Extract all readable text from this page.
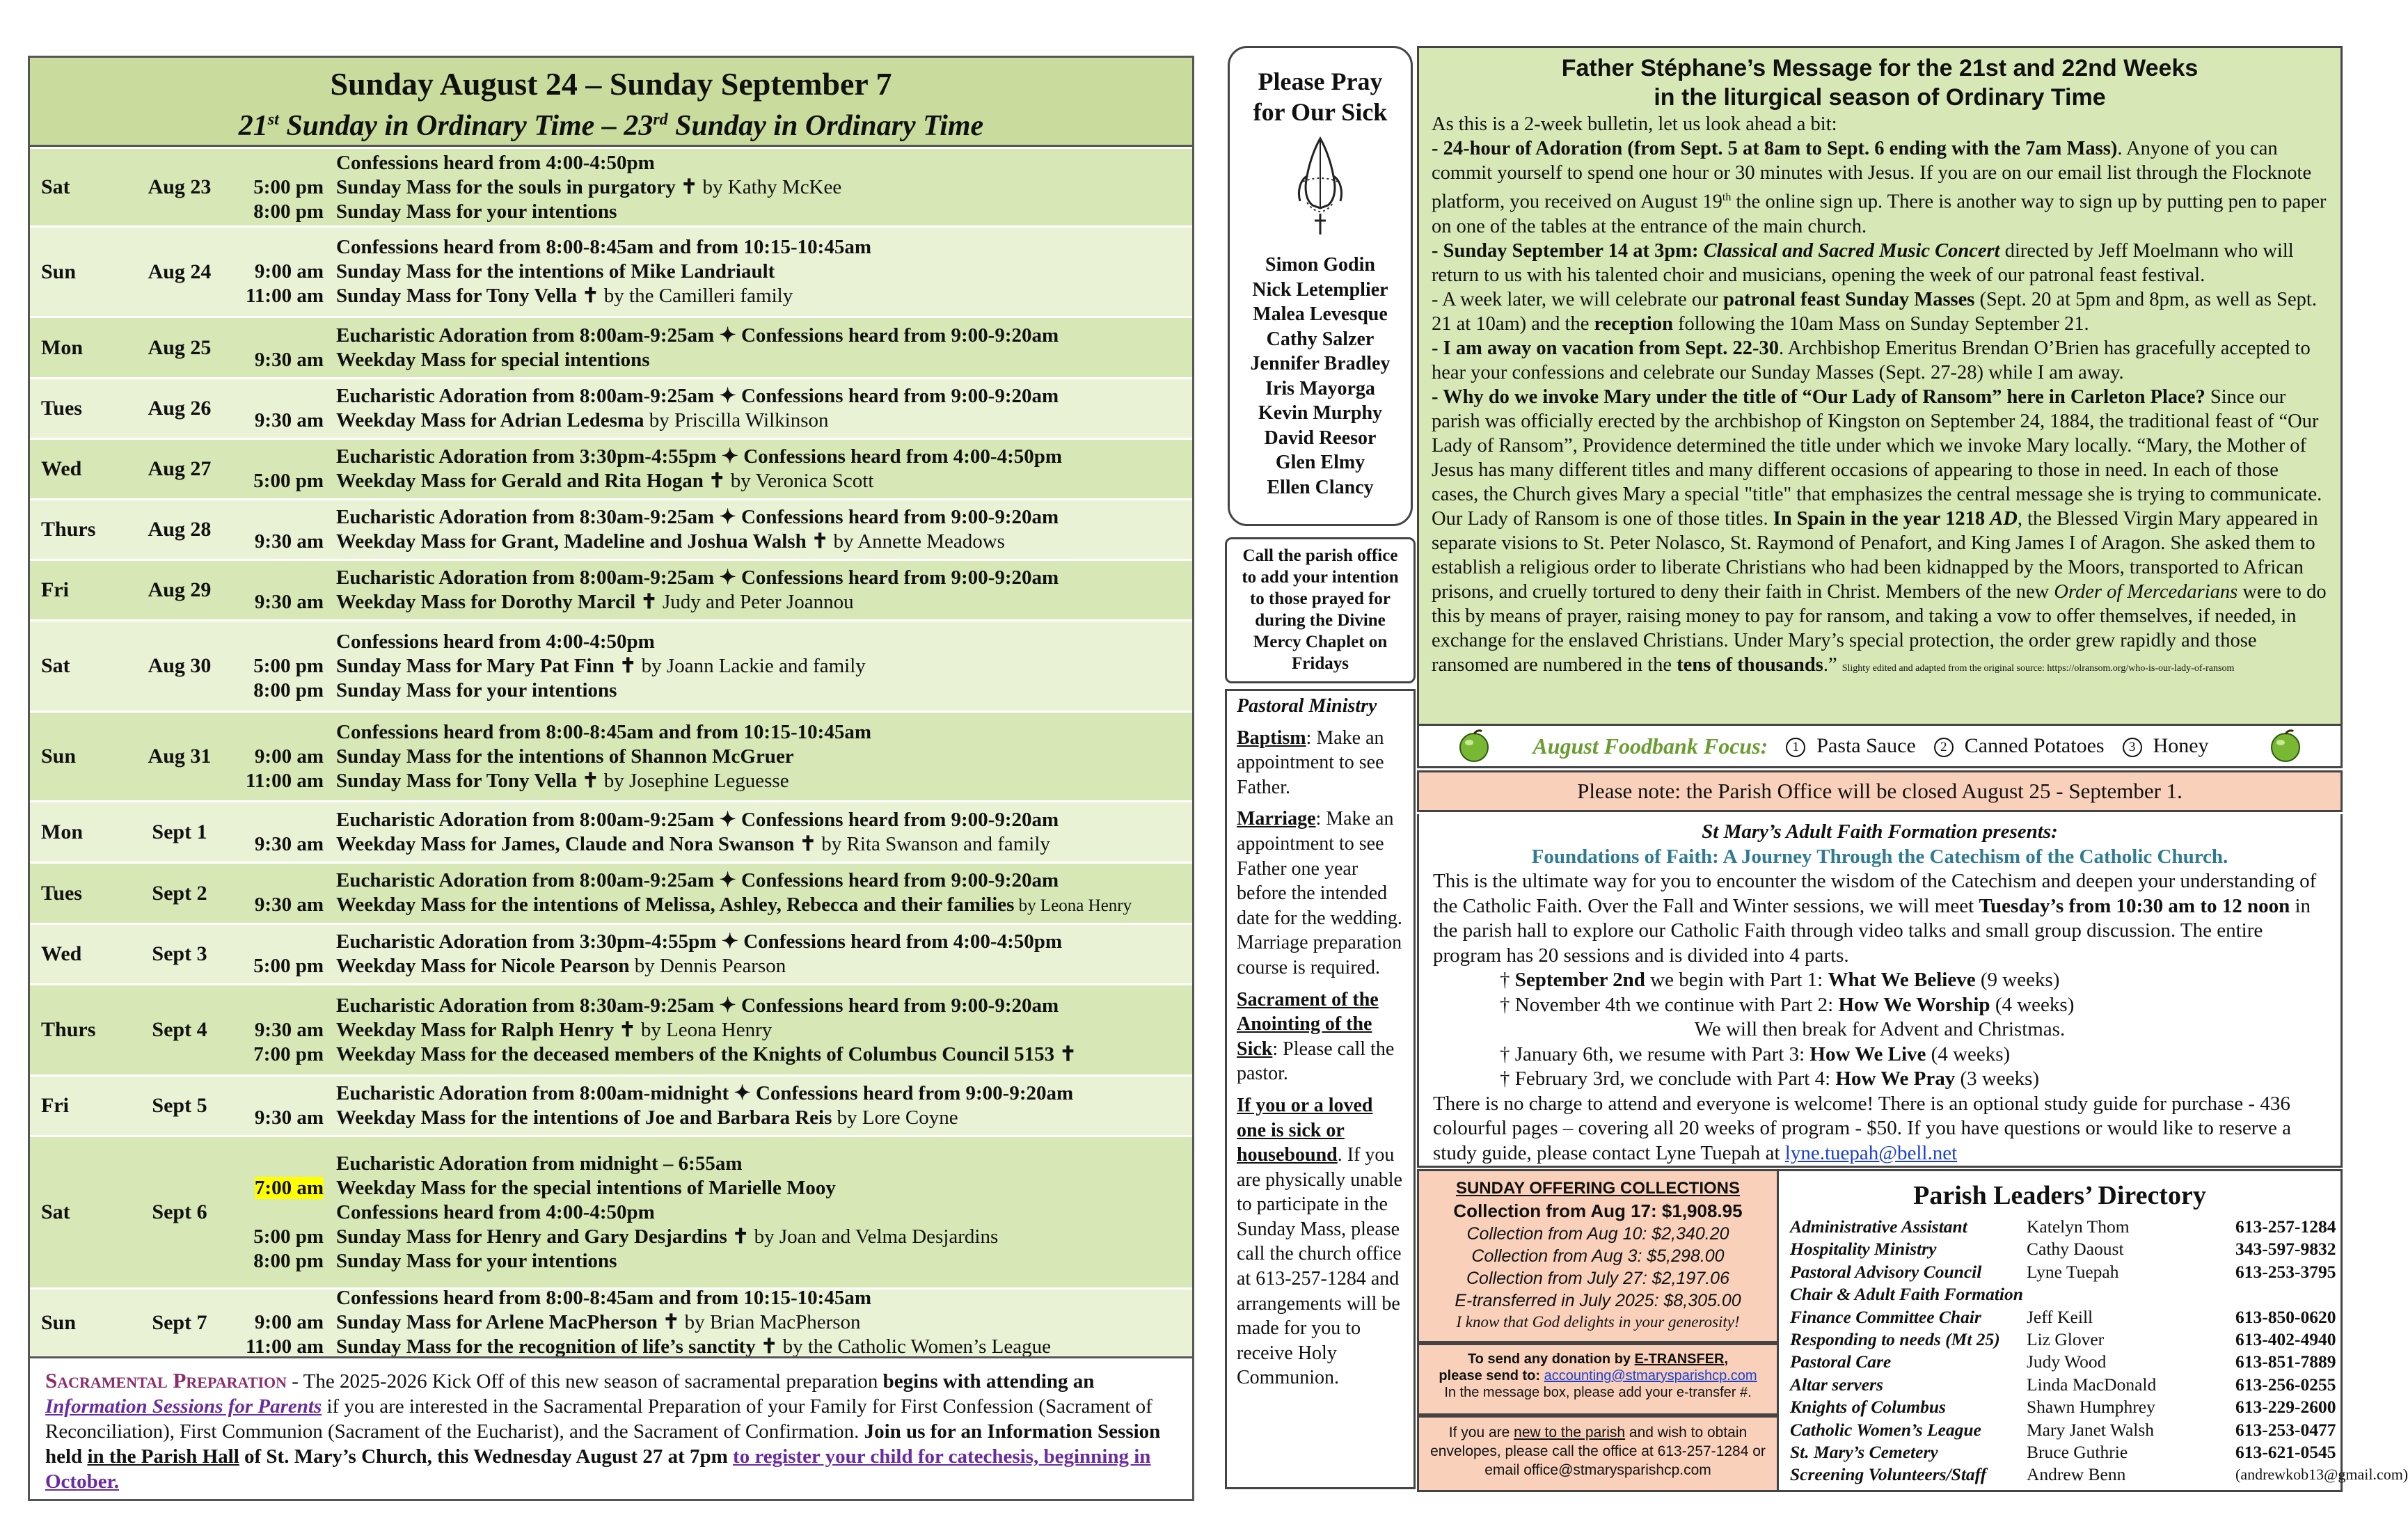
Sunday August 24 – Sunday September 7
21st Sunday in Ordinary Time – 23rd Sunday in Ordinary Time
Sat	Aug 23
Confessions heard from 4:00-4:50pm
5:00 pm Sunday Mass for the souls in purgatory ✝ by Kathy McKee
8:00 pm Sunday Mass for your intentions
Sun	Aug 24
Confessions heard from 8:00-8:45am and from 10:15-10:45am
9:00 am Sunday Mass for the intentions of Mike Landriault
11:00 am Sunday Mass for Tony Vella ✝ by the Camilleri family
Mon	Aug 25
Eucharistic Adoration from 8:00am-9:25am ✦ Confessions heard from 9:00-9:20am
9:30 am Weekday Mass for special intentions
Tues	Aug 26
Eucharistic Adoration from 8:00am-9:25am ✦ Confessions heard from 9:00-9:20am
9:30 am Weekday Mass for Adrian Ledesma by Priscilla Wilkinson
Wed	Aug 27
Eucharistic Adoration from 3:30pm-4:55pm ✦ Confessions heard from 4:00-4:50pm
5:00 pm Weekday Mass for Gerald and Rita Hogan ✝ by Veronica Scott
Thurs	Aug 28
Eucharistic Adoration from 8:30am-9:25am ✦ Confessions heard from 9:00-9:20am
9:30 am Weekday Mass for Grant, Madeline and Joshua Walsh ✝ by Annette Meadows
Fri	Aug 29
Eucharistic Adoration from 8:00am-9:25am ✦ Confessions heard from 9:00-9:20am
9:30 am Weekday Mass for Dorothy Marcil ✝ Judy and Peter Joannou
Sat	Aug 30
Confessions heard from 4:00-4:50pm
5:00 pm Sunday Mass for Mary Pat Finn ✝ by Joann Lackie and family
8:00 pm Sunday Mass for your intentions
Sun	Aug 31
Confessions heard from 8:00-8:45am and from 10:15-10:45am
9:00 am Sunday Mass for the intentions of Shannon McGruer
11:00 am Sunday Mass for Tony Vella ✝ by Josephine Leguesse
Mon	Sept 1
Eucharistic Adoration from 8:00am-9:25am ✦ Confessions heard from 9:00-9:20am
9:30 am Weekday Mass for James, Claude and Nora Swanson ✝ by Rita Swanson and family
Tues	Sept 2
Eucharistic Adoration from 8:00am-9:25am ✦ Confessions heard from 9:00-9:20am
9:30 am Weekday Mass for the intentions of Melissa, Ashley, Rebecca and their families by Leona Henry
Wed	Sept 3
Eucharistic Adoration from 3:30pm-4:55pm ✦ Confessions heard from 4:00-4:50pm
5:00 pm Weekday Mass for Nicole Pearson by Dennis Pearson
Thurs	Sept 4
Eucharistic Adoration from 8:30am-9:25am ✦ Confessions heard from 9:00-9:20am
9:30 am Weekday Mass for Ralph Henry ✝ by Leona Henry
7:00 pm Weekday Mass for the deceased members of the Knights of Columbus Council 5153 ✝
Fri	Sept 5
Eucharistic Adoration from 8:00am-midnight ✦ Confessions heard from 9:00-9:20am
9:30 am Weekday Mass for the intentions of Joe and Barbara Reis by Lore Coyne
Sat	Sept 6
Eucharistic Adoration from midnight – 6:55am
7:00 am Weekday Mass for the special intentions of Marielle Mooy
Confessions heard from 4:00-4:50pm
5:00 pm Sunday Mass for Henry and Gary Desjardins ✝ by Joan and Velma Desjardins
8:00 pm Sunday Mass for your intentions
Sun	Sept 7
Confessions heard from 8:00-8:45am and from 10:15-10:45am
9:00 am Sunday Mass for Arlene MacPherson ✝ by Brian MacPherson
11:00 am Sunday Mass for the recognition of life’s sanctity ✝ by the Catholic Women’s League
Sacramental Preparation - The 2025-2026 Kick Off of this new season of sacramental preparation begins with attending an Information Sessions for Parents if you are interested in the Sacramental Preparation of your Family for First Confession (Sacrament of Reconciliation), First Communion (Sacrament of the Eucharist), and the Sacrament of Confirmation. Join us for an Information Session held in the Parish Hall of St. Mary’s Church, this Wednesday August 27 at 7pm to register your child for catechesis, beginning in October.
Please Pray
for Our Sick
Simon Godin
Nick Letemplier
Malea Levesque
Cathy Salzer
Jennifer Bradley
Iris Mayorga
Kevin Murphy
David Reesor
Glen Elmy
Ellen Clancy
Call the parish office to add your intention to those prayed for during the Divine Mercy Chaplet on Fridays
Pastoral Ministry
Baptism: Make an appointment to see Father.
Marriage: Make an appointment to see Father one year before the intended date for the wedding. Marriage preparation course is required.
Sacrament of the Anointing of the Sick: Please call the pastor.
If you or a loved one is sick or housebound. If you are physically unable to participate in the Sunday Mass, please call the church office at 613-257-1284 and arrangements will be made for you to receive Holy Communion.
Father Stéphane’s Message for the 21st and 22nd Weeks
in the liturgical season of Ordinary Time

As this is a 2-week bulletin, let us look ahead a bit:

- 24-hour of Adoration (from Sept. 5 at 8am to Sept. 6 ending with the 7am Mass). Anyone of you can commit yourself to spend one hour or 30 minutes with Jesus. If you are on our email list through the Flocknote platform, you received on August 19th the online sign up. There is another way to sign up by putting pen to paper on one of the tables at the entrance of the main church.

- Sunday September 14 at 3pm: Classical and Sacred Music Concert directed by Jeff Moelmann who will return to us with his talented choir and musicians, opening the week of our patronal feast festival.

- A week later, we will celebrate our patronal feast Sunday Masses (Sept. 20 at 5pm and 8pm, as well as Sept. 21 at 10am) and the reception following the 10am Mass on Sunday September 21.

- I am away on vacation from Sept. 22-30. Archbishop Emeritus Brendan O’Brien has gracefully accepted to hear your confessions and celebrate our Sunday Masses (Sept. 27-28) while I am away.

- Why do we invoke Mary under the title of “Our Lady of Ransom” here in Carleton Place? Since our parish was officially erected by the archbishop of Kingston on September 24, 1884, the traditional feast of “Our Lady of Ransom”, Providence determined the title under which we invoke Mary locally. “Mary, the Mother of Jesus has many different titles and many different occasions of appearing to those in need. In each of those cases, the Church gives Mary a special "title" that emphasizes the central message she is trying to communicate. Our Lady of Ransom is one of those titles. In Spain in the year 1218 AD, the Blessed Virgin Mary appeared in separate visions to St. Peter Nolasco, St. Raymond of Penafort, and King James I of Aragon. She asked them to establish a religious order to liberate Christians who had been kidnapped by the Moors, transported to African prisons, and cruelly tortured to deny their faith in Christ. Members of the new Order of Mercedarians were to do this by means of prayer, raising money to pay for ransom, and taking a vow to offer themselves, if needed, in exchange for the enslaved Christians. Under Mary’s special protection, the order grew rapidly and those ransomed are numbered in the tens of thousands.” Slighty edited and adapted from the original source: https://olransom.org/who-is-our-lady-of-ransom

August Foodbank Focus:	1 Pasta Sauce 2 Canned Potatoes 3 Honey
Please note: the Parish Office will be closed August 25 - September 1.
St Mary’s Adult Faith Formation presents:
Foundations of Faith: A Journey Through the Catechism of the Catholic Church.
This is the ultimate way for you to encounter the wisdom of the Catechism and deepen your understanding of the Catholic Faith. Over the Fall and Winter sessions, we will meet Tuesday’s from 10:30 am to 12 noon in the parish hall to explore our Catholic Faith through video talks and small group discussion. The entire program has 20 sessions and is divided into 4 parts.
† September 2nd we begin with Part 1: What We Believe (9 weeks)
† November 4th we continue with Part 2: How We Worship (4 weeks)
We will then break for Advent and Christmas.
† January 6th, we resume with Part 3: How We Live (4 weeks)
† February 3rd, we conclude with Part 4: How We Pray (3 weeks)
There is no charge to attend and everyone is welcome! There is an optional study guide for purchase - 436 colourful pages – covering all 20 weeks of program - $50. If you have questions or would like to reserve a study guide, please contact Lyne Tuepah at lyne.tuepah@bell.net
SUNDAY OFFERING COLLECTIONS
Collection from Aug 17: $1,908.95
Collection from Aug 10: $2,340.20
Collection from Aug 3: $5,298.00
Collection from July 27: $2,197.06
E-transferred in July 2025: $8,305.00
I know that God delights in your generosity!
To send any donation by E-TRANSFER,
please send to: accounting@stmarysparishcp.com
In the message box, please add your e-transfer #.
If you are new to the parish and wish to obtain envelopes, please call the office at 613-257-1284 or email office@stmarysparishcp.com
Parish Leaders’ Directory
Administrative Assistant	Katelyn Thom	613-257-1284
Hospitality Ministry	Cathy Daoust	343-597-9832
Pastoral Advisory Council	Lyne Tuepah	613-253-3795
Chair & Adult Faith Formation
Finance Committee Chair	Jeff Keill	613-850-0620
Responding to needs (Mt 25)	Liz Glover	613-402-4940
Pastoral Care	Judy Wood	613-851-7889
Altar servers	Linda MacDonald	613-256-0255
Knights of Columbus	Shawn Humphrey	613-229-2600
Catholic Women’s League	Mary Janet Walsh	613-253-0477
St. Mary’s Cemetery	Bruce Guthrie	613-621-0545
Screening Volunteers/Staff	Andrew Benn	(andrewkob13@gmail.com)
